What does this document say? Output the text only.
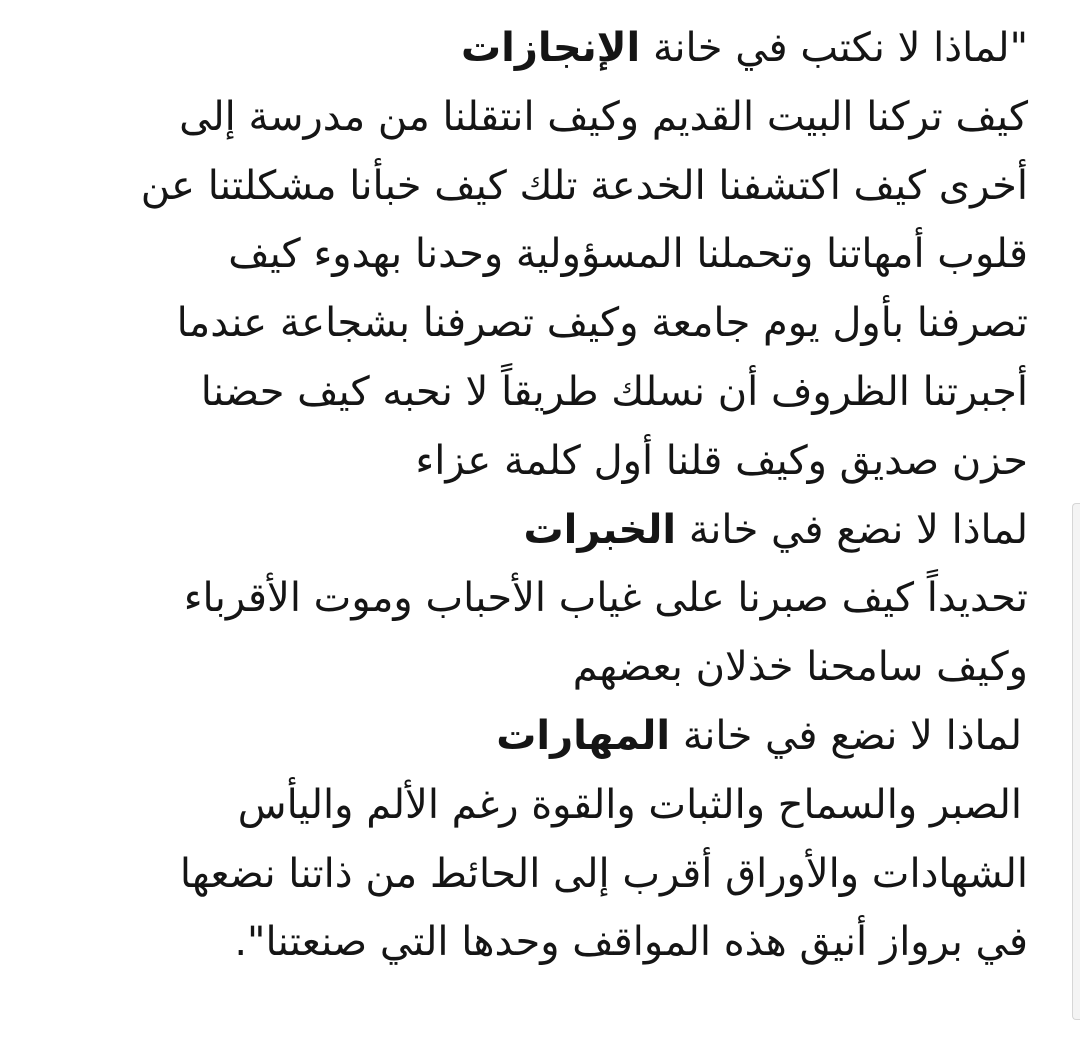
"لماذا لا نكتب في خانة الإنجازات
كيف تركنا البيت القديم وكيف انتقلنا من مدرسة إلى
أخرى كيف اكتشفنا الخدعة تلك كيف خبأنا مشكلتنا عن
قلوب أمهاتنا وتحملنا المسؤولية وحدنا بهدوء كيف
تصرفنا بأول يوم جامعة وكيف تصرفنا بشجاعة عندما
أجبرتنا الظروف أن نسلك طريقاً لا نحبه كيف حضنا
حزن صديق وكيف قلنا أول كلمة عزاء
لماذا لا نضع في خانة الخبرات
تحديداً كيف صبرنا على غياب الأحباب وموت الأقرباء
وكيف سامحنا خذلان بعضهم
لماذا لا نضع في خانة المهارات
الصبر والسماح والثبات والقوة رغم الألم واليأس
الشهادات والأوراق أقرب إلى الحائط من ذاتنا نضعها
في برواز أنيق هذه المواقف وحدها التي صنعتنا".
